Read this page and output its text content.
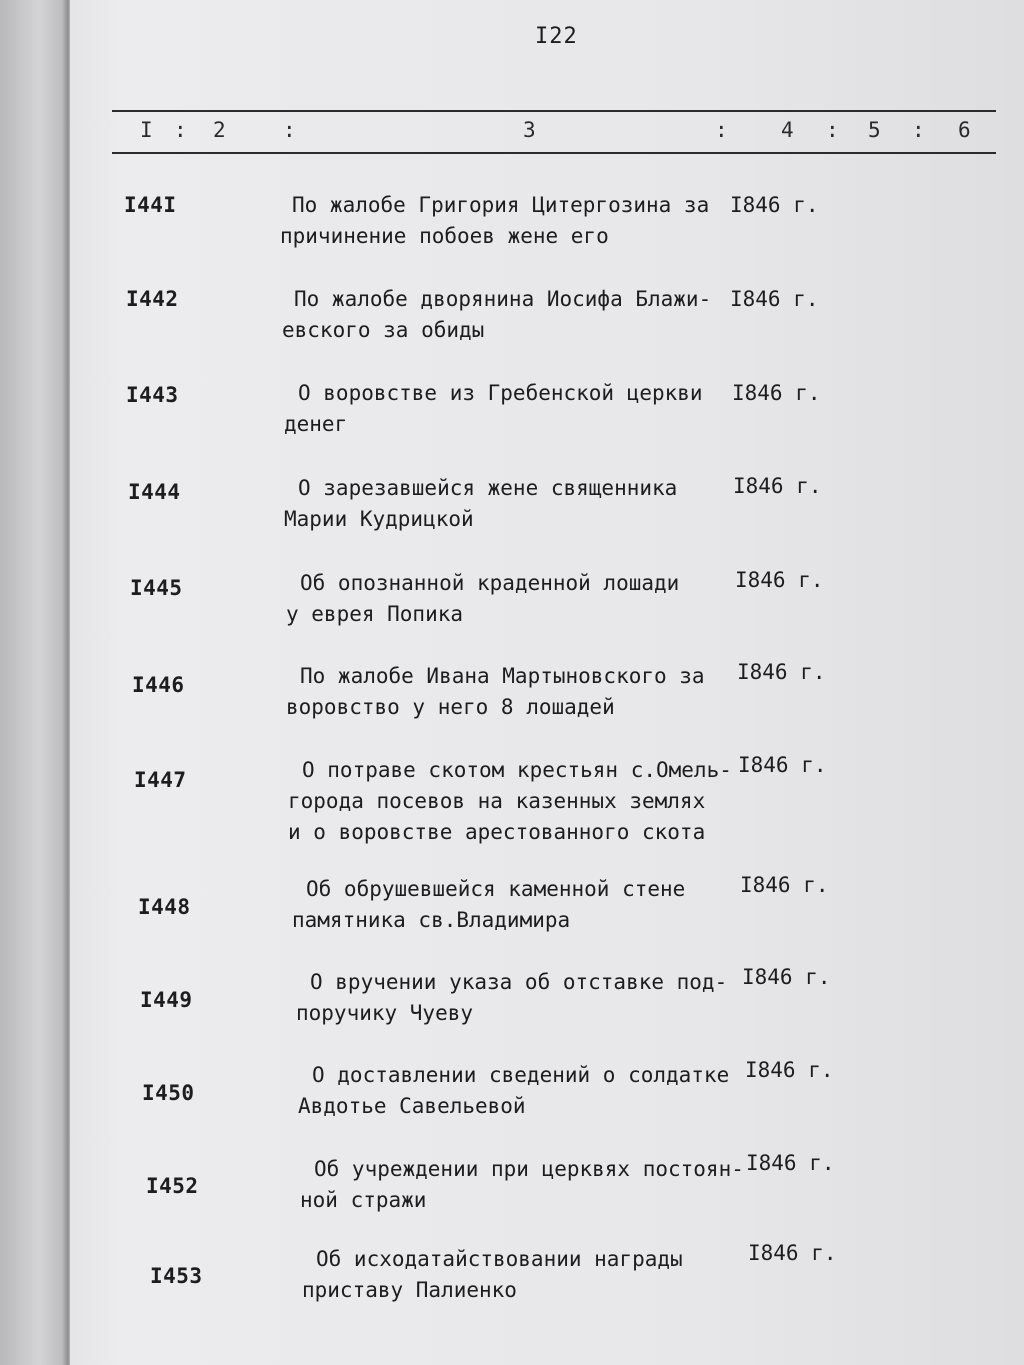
I22
I : 2	:	3	:	4 : 5 : 6
I44I	По жалобе Григория Цитергозина за
причинение побоев жене его
I846 г.
I442	По жалобе дворянина Иосифа Блажи-
евского за обиды
I846 г.
I443	О воровстве из Гребенской церкви
денег
I846 г.
I444	О зарезавшейся жене священника
Марии Кудрицкой
I846 г.
I445	Об опознанной краденной лошади
у еврея Попика
I846 г.
I446	По жалобе Ивана Мартыновского за
воровство у него 8 лошадей
I846 г.
I447	О потраве скотом крестьян с.Омель-
города посевов на казенных землях
и о воровстве арестованного скота
I846 г.
I448
Об обрушевшейся каменной стене
памятника св.Владимира
I846 г.
I449
О вручении указа об отставке под-
поручику Чуеву
I846 г.
I450
О доставлении сведений о солдатке
Авдотье Савельевой
I846 г.
I452
Об учреждении при церквях постоян-
ной стражи
I846 г.
I453
Об исходатайствовании награды
приставу Палиенко
I846 г.
